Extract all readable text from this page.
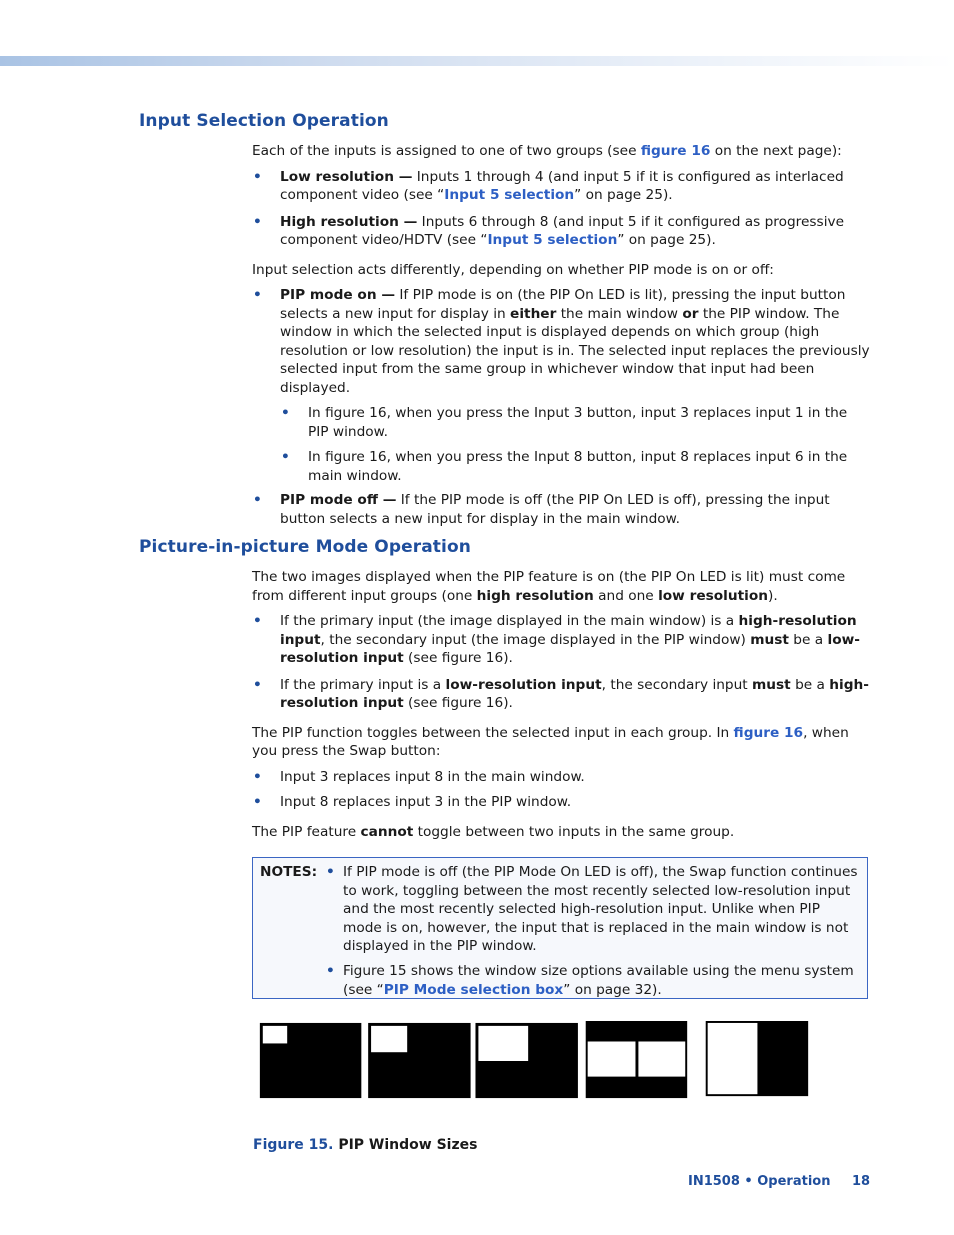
Input Selection Operation

Each of the inputs is assigned to one of two groups (see figure 16 on the next page):

• Low resolution — Inputs 1 through 4 (and input 5 if it is configured as interlaced component video (see “Input 5 selection” on page 25).

• High resolution — Inputs 6 through 8 (and input 5 if it configured as progressive component video/HDTV (see “Input 5 selection” on page 25).

Input selection acts differently, depending on whether PIP mode is on or off:

• PIP mode on — If PIP mode is on (the PIP On LED is lit), pressing the input button selects a new input for display in either the main window or the PIP window. The window in which the selected input is displayed depends on which group (high resolution or low resolution) the input is in. The selected input replaces the previously selected input from the same group in whichever window that input had been displayed.

• In figure 16, when you press the Input 3 button, input 3 replaces input 1 in the PIP window.

• In figure 16, when you press the Input 8 button, input 8 replaces input 6 in the main window.

• PIP mode off — If the PIP mode is off (the PIP On LED is off), pressing the input button selects a new input for display in the main window.

Picture-in-picture Mode Operation

The two images displayed when the PIP feature is on (the PIP On LED is lit) must come from different input groups (one high resolution and one low resolution).

• If the primary input (the image displayed in the main window) is a high-resolution input, the secondary input (the image displayed in the PIP window) must be a low-resolution input (see figure 16).

• If the primary input is a low-resolution input, the secondary input must be a high-resolution input (see figure 16).

The PIP function toggles between the selected input in each group. In figure 16, when you press the Swap button:

• Input 3 replaces input 8 in the main window.

• Input 8 replaces input 3 in the PIP window.

The PIP feature cannot toggle between two inputs in the same group.

NOTES:
• If PIP mode is off (the PIP Mode On LED is off), the Swap function continues to work, toggling between the most recently selected low-resolution input and the most recently selected high-resolution input. Unlike when PIP mode is on, however, the input that is replaced in the main window is not displayed in the PIP window.
• Figure 15 shows the window size options available using the menu system (see “PIP Mode selection box” on page 32).
Figure 15. PIP Window Sizes
IN1508 • Operation 18
